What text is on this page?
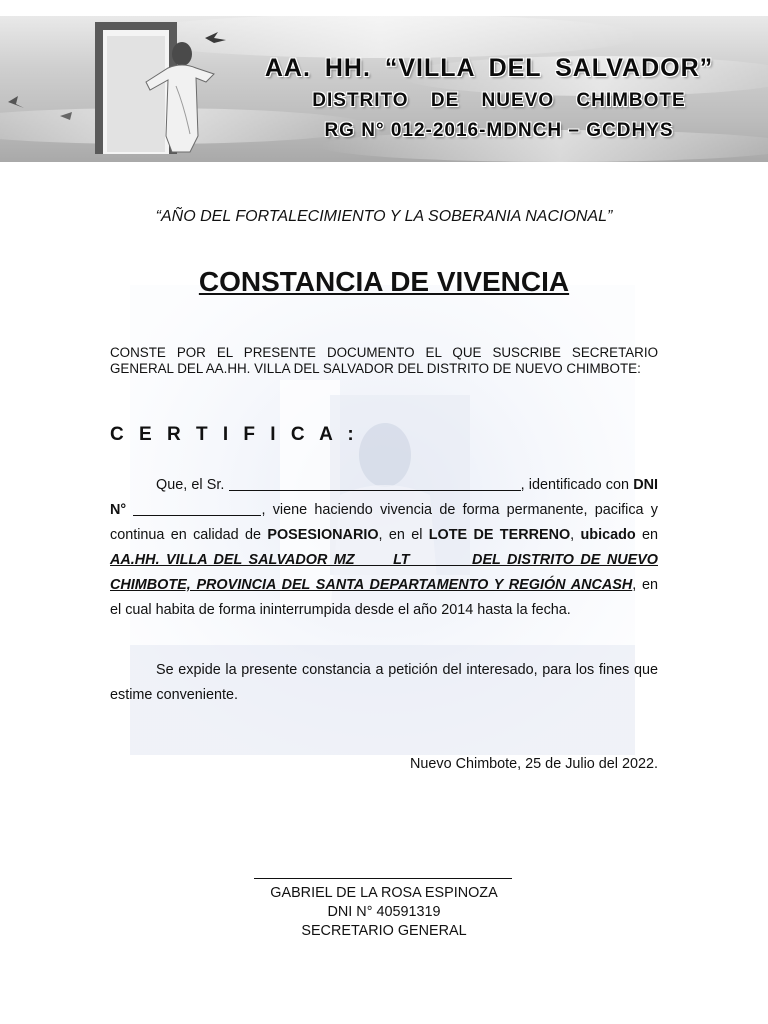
AA. HH. “VILLA DEL SALVADOR”
DISTRITO DE NUEVO CHIMBOTE
RG N° 012-2016-MDNCH – GCDHYS
“AÑO DEL FORTALECIMIENTO Y LA SOBERANIA NACIONAL”
CONSTANCIA DE VIVENCIA
CONSTE POR EL PRESENTE DOCUMENTO EL QUE SUSCRIBE SECRETARIO GENERAL DEL AA.HH. VILLA DEL SALVADOR DEL DISTRITO DE NUEVO CHIMBOTE:
C E R T I F I C A :
Que, el Sr.	, identificado con DNI N°	, viene haciendo vivencia de forma permanente, pacifica y continua en calidad de POSESIONARIO, en el LOTE DE TERRENO, ubicado en AA.HH. VILLA DEL SALVADOR MZ____ LT_______ DEL DISTRITO DE NUEVO CHIMBOTE, PROVINCIA DEL SANTA DEPARTAMENTO Y REGIÓN ANCASH, en el cual habita de forma ininterrumpida desde el año 2014 hasta la fecha.
Se expide la presente constancia a petición del interesado, para los fines que estime conveniente.
Nuevo Chimbote, 25 de Julio del 2022.
GABRIEL DE LA ROSA ESPINOZA
DNI N° 40591319
SECRETARIO GENERAL
